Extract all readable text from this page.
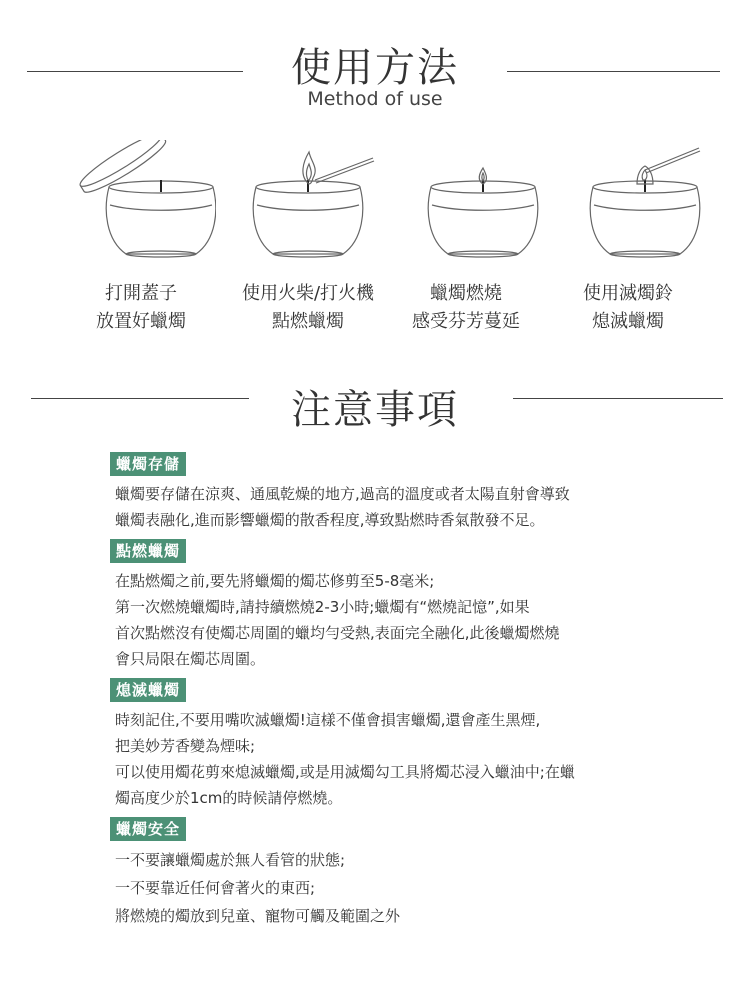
使用方法
Method of use
打開蓋子
放置好蠟燭
使用火柴/打火機
點燃蠟燭
蠟燭燃燒
感受芬芳蔓延
使用滅燭鈴
熄滅蠟燭
注意事項
蠟燭存儲
蠟燭要存儲在涼爽、通風乾燥的地方,過高的溫度或者太陽直射會導致
蠟燭表融化,進而影響蠟燭的散香程度,導致點燃時香氣散發不足。
點燃蠟燭
在點燃燭之前,要先將蠟燭的燭芯修剪至5-8毫米;
第一次燃燒蠟燭時,請持續燃燒2-3小時;蠟燭有“燃燒記憶”,如果
首次點燃沒有使燭芯周圍的蠟均勻受熱,表面完全融化,此後蠟燭燃燒
會只局限在燭芯周圍。
熄滅蠟燭
時刻記住,不要用嘴吹滅蠟燭!這樣不僅會損害蠟燭,還會產生黑煙,
把美妙芳香變為煙味;
可以使用燭花剪來熄滅蠟燭,或是用滅燭勾工具將燭芯浸入蠟油中;在蠟
燭高度少於1cm的時候請停燃燒。
蠟燭安全
一不要讓蠟燭處於無人看管的狀態;
一不要靠近任何會著火的東西;
將燃燒的燭放到兒童、寵物可觸及範圍之外
